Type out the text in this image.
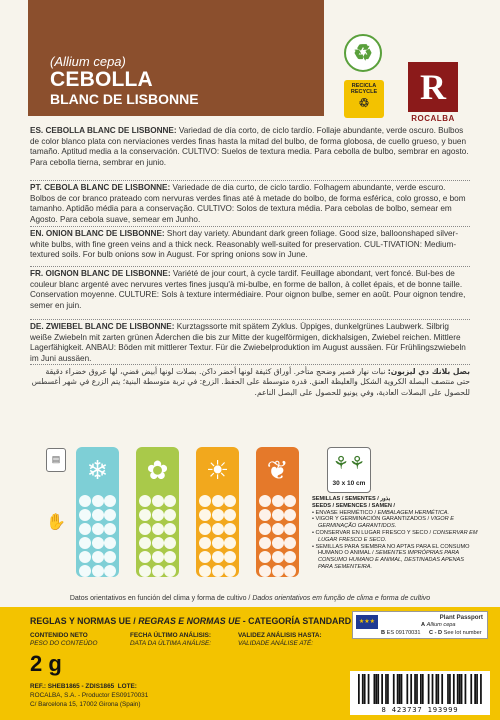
(Allium cepa)
CEBOLLA
BLANC DE LISBONNE
♻
RECICLA RECYCLE
♲	R
ROCALBA
ES. CEBOLLA BLANC DE LISBONNE: Variedad de día corto, de ciclo tardío. Follaje abundante, verde oscuro. Bulbos de color blanco plata con nerviaciones verdes finas hasta la mitad del bulbo, de forma globosa, de cuello grueso, y buen tamaño. Aptitud media a la conservación. CULTIVO: Suelos de textura media. Para cebolla de bulbo, sembrar en agosto. Para cebolla tierna, sembrar en junio.
PT. CEBOLA BLANC DE LISBONNE: Variedade de dia curto, de ciclo tardio. Folhagem abundante, verde escuro. Bolbos de cor branco prateado com nervuras verdes finas até à metade do bolbo, de forma esférica, colo grosso, e bom tamanho. Aptidão média para a conservação. CULTIVO: Solos de textura média. Para cebolas de bolbo, semear em Agosto. Para cebola suave, semear em Junho.
EN. ONION BLANC DE LISBONNE: Short day variety. Abundant dark green foliage. Good size, balloonshaped silver-white bulbs, with fine green veins and a thick neck. Reasonably well-suited for preservation. CUL-TIVATION: Medium-textured soils. For bulb onions sow in August. For spring onions sow in June.
FR. OIGNON BLANC DE LISBONNE: Variété de jour court, à cycle tardif. Feuillage abondant, vert foncé. Bul-bes de couleur blanc argenté avec nervures vertes fines jusqu'à mi-bulbe, en forme de ballon, à collet épais, et de bonne taille. Conservation moyenne. CULTURE: Sols à texture intermédiaire. Pour oignon bulbe, semer en août. Pour oignon tendre, semer en juin.
DE. ZWIEBEL BLANC DE LISBONNE: Kurztagssorte mit spätem Zyklus. Üppiges, dunkelgrünes Laubwerk. Silbrig weiße Zwiebeln mit zarten grünen Äderchen die bis zur Mitte der kugelförmigen, dickhalsigen, Zwiebel reichen. Mittlere Lagerfähigkeit. ANBAU: Böden mit mittlerer Textur. Für die Zwiebelproduktion im August aussäen. Für Frühlingszwiebeln im Juni aussäen.
بصل بلانك دي ليزبون: نبات نهار قصير وضحج متأخر. أوراق كثيفة لونها أخضر داكن. بصلات لونها أبيض فضي، لها عروق خضراء دقيقة حتى منتصف البصلة الكروية الشكل والغليظة العنق. قدرة متوسطة على الحفظ. الزرع: في تربة متوسطة البنية؛ يتم الزرع في شهر أغسطس للحصول على البصلات العادية، وفي يونيو للحصول على البصل الناعم.
▤
✋
❄ ✿ ☀ ❦	⚘⚘
30 x 10 cm
SEMILLAS / SEMENTES / بذور
SEEDS / SEMENCES / SAMEN /
• ENVASE HERMÉTICO / EMBALAGEM HERMÉTICA.
• VIGOR Y GERMINACIÓN GARANTIZADOS / VIGOR E GERMINAÇÃO GARANTIDOS.
• CONSERVAR EN LUGAR FRESCO Y SECO / CONSERVAR EM LUGAR FRESCO E SECO.
• SEMILLAS PARA SIEMBRA NO APTAS PARA EL CONSUMO HUMANO O ANIMAL / SEMENTES IMPRÓPRIAS PARA CONSUMO HUMANO E ANIMAL, DESTINADAS APENAS PARA SEMENTEIRA.
Datos orientativos en función del clima y forma de cultivo / Dados orientativos em função de clima e forma de cultivo
REGLAS Y NORMAS UE / REGRAS E NORMAS UE - CATEGORÍA STANDARD	★★★
Plant Passport
A Allium cepa
B ES 09170031 C - D See lot number
CONTENIDO NETO
PESO DO CONTEÚDO
FECHA ÚLTIMO ANÁLISIS:
DATA DA ÚLTIMA ANÁLISE:
VALIDEZ ANÁLISIS HASTA:
VALIDADE ANÁLISE ATÉ:
2 g
REF.: SHEB1865 - ZDIS1865 LOTE:
ROCALBA, S.A. - Productor ES09170031
C/ Barcelona 15, 17002 Girona (Spain)
8 423737 193999
